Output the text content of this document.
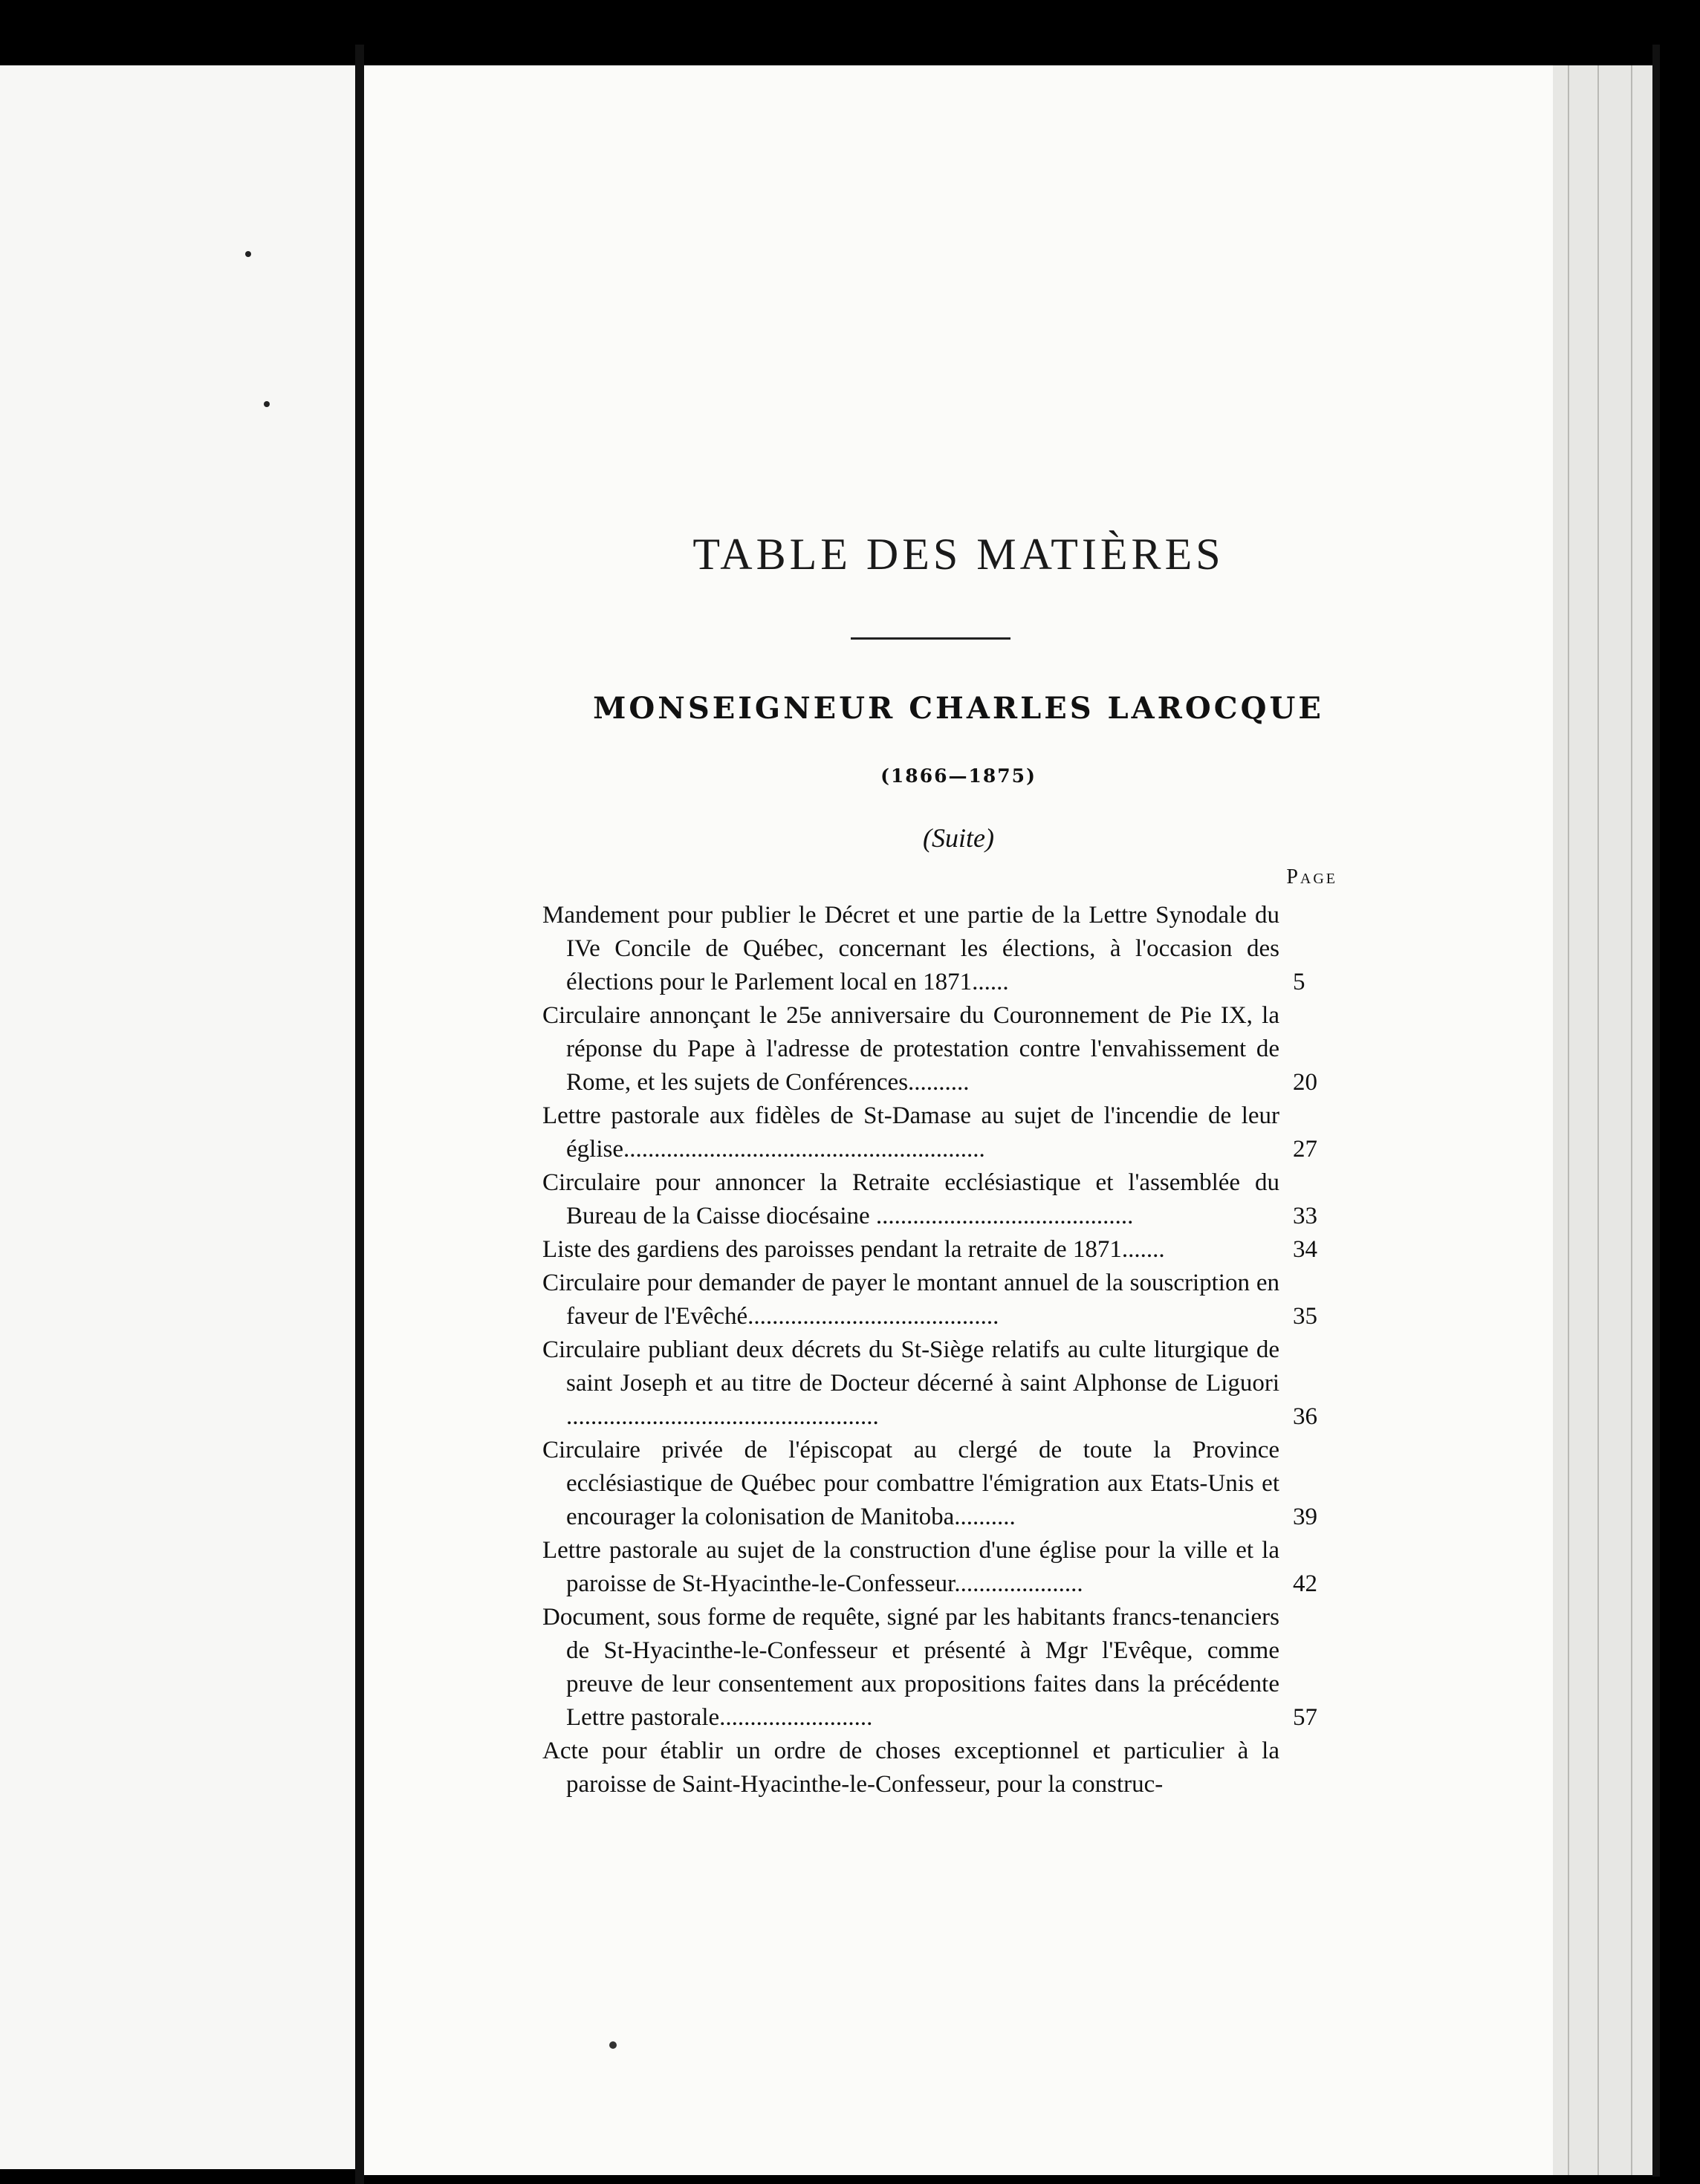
TABLE DES MATIÈRES
MONSEIGNEUR CHARLES LAROCQUE
(1866—1875)
(Suite)
Page
Mandement pour publier le Décret et une partie de la Lettre Synodale du IVe Concile de Québec, concernant les élections, à l'occasion des élections pour le Parlement local en 1871......	5
Circulaire annonçant le 25e anniversaire du Couronnement de Pie IX, la réponse du Pape à l'adresse de protestation contre l'envahissement de Rome, et les sujets de Conférences..........	20
Lettre pastorale aux fidèles de St-Damase au sujet de l'incendie de leur église...........................................................	27
Circulaire pour annoncer la Retraite ecclésiastique et l'assemblée du Bureau de la Caisse diocésaine ..........................................	33
Liste des gardiens des paroisses pendant la retraite de 1871.......	34
Circulaire pour demander de payer le montant annuel de la souscription en faveur de l'Evêché.........................................	35
Circulaire publiant deux décrets du St-Siège relatifs au culte liturgique de saint Joseph et au titre de Docteur décerné à saint Alphonse de Liguori ...................................................	36
Circulaire privée de l'épiscopat au clergé de toute la Province ecclésiastique de Québec pour combattre l'émigration aux Etats-Unis et encourager la colonisation de Manitoba..........	39
Lettre pastorale au sujet de la construction d'une église pour la ville et la paroisse de St-Hyacinthe-le-Confesseur.....................	42
Document, sous forme de requête, signé par les habitants francs-tenanciers de St-Hyacinthe-le-Confesseur et présenté à Mgr l'Evêque, comme preuve de leur consentement aux propositions faites dans la précédente Lettre pastorale.........................	57
Acte pour établir un ordre de choses exceptionnel et particulier à la paroisse de Saint-Hyacinthe-le-Confesseur, pour la construc-
